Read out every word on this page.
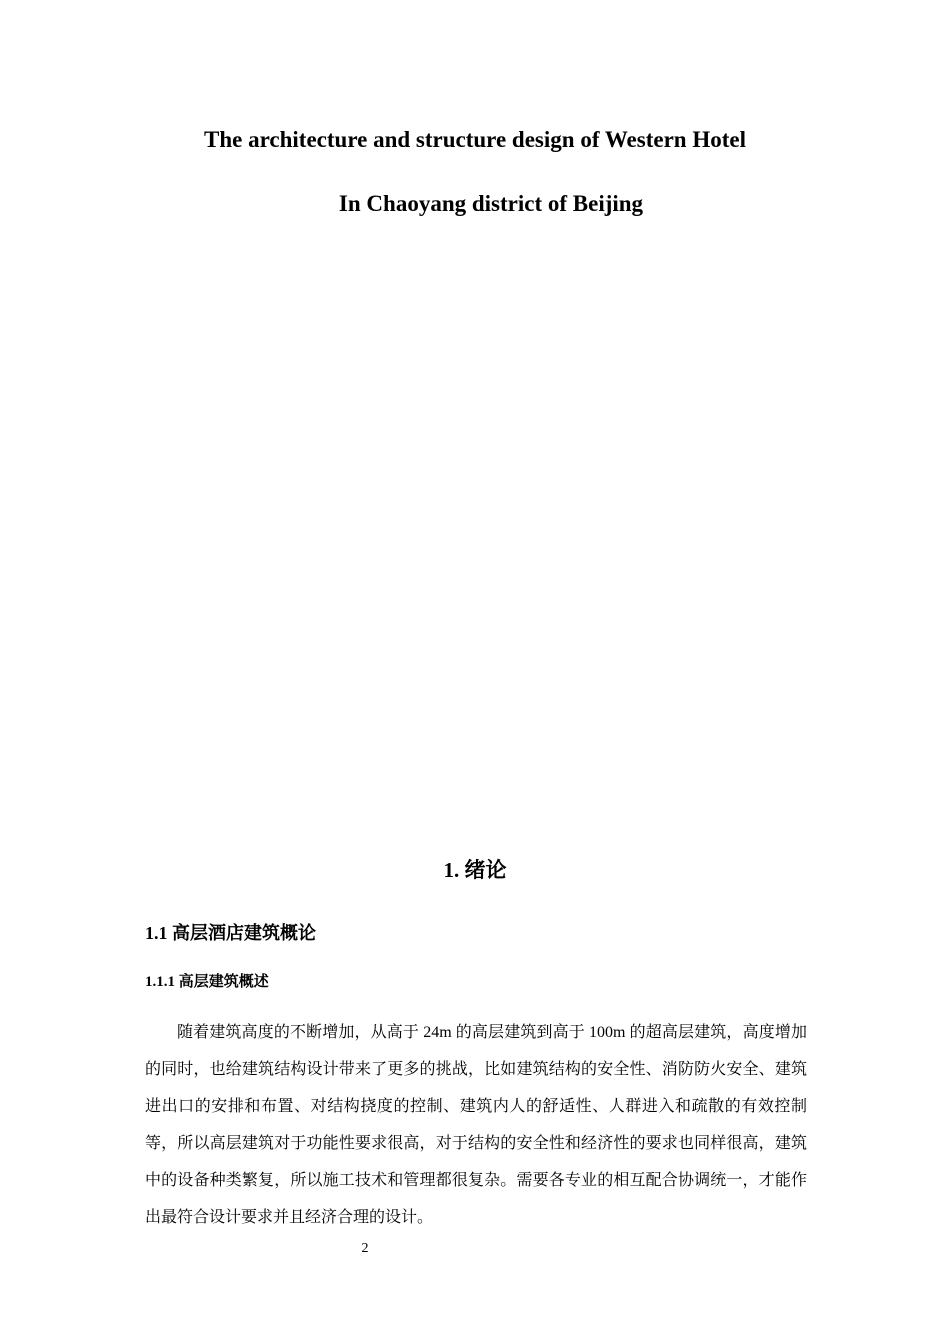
The architecture and structure design of Western Hotel
In Chaoyang district of Beijing
1. 绪论
1.1 高层酒店建筑概论
1.1.1 高层建筑概述

随着建筑高度的不断增加，从高于 24m 的高层建筑到高于 100m 的超高层建筑，高度增加的同时，也给建筑结构设计带来了更多的挑战，比如建筑结构的安全性、消防防火安全、建筑进出口的安排和布置、对结构挠度的控制、建筑内人的舒适性、人群进入和疏散的有效控制等，所以高层建筑对于功能性要求很高，对于结构的安全性和经济性的要求也同样很高，建筑中的设备种类繁复，所以施工技术和管理都很复杂。需要各专业的相互配合协调统一，才能作出最符合设计要求并且经济合理的设计。

2
